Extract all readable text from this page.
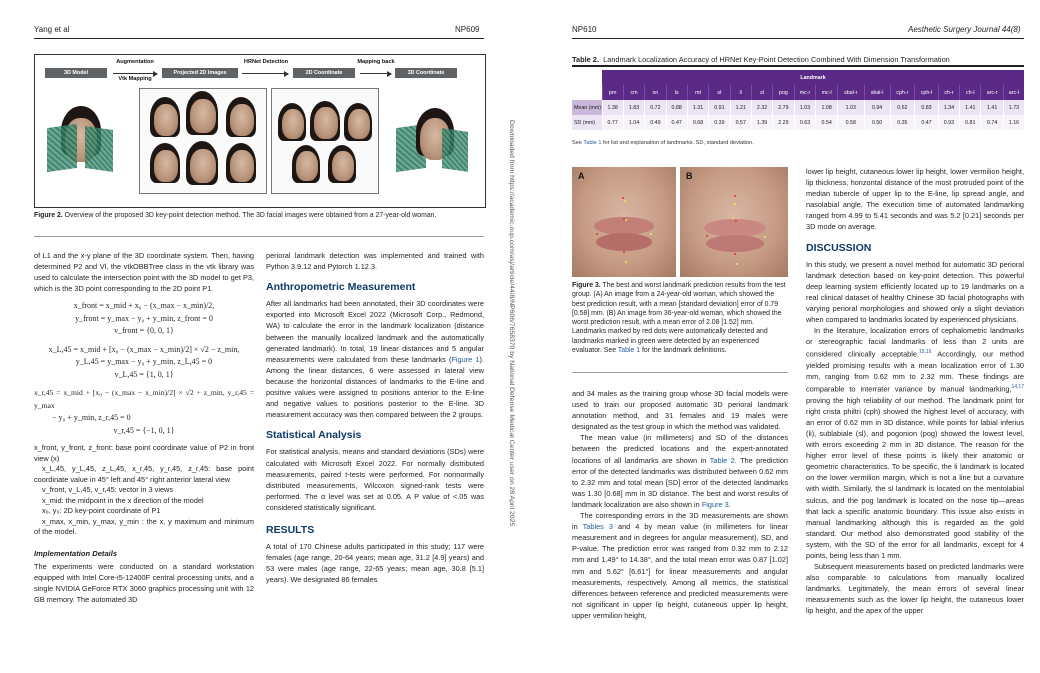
Yang et al	NP609
3D Model	Projected 2D Images	2D Coordinate	3D Coordinate
Augmentation
Vtk Mapping
HRNet Detection	Mapping back
Figure 2. Overview of the proposed 3D key-point detection method. The 3D facial images were obtained from a 27-year-old woman.

of L1 and the x-y plane of the 3D coordinate system. Then, having determined P2 and Vl, the vtkOBBTree class in the vtk library was used to calculate the intersection point with the 3D model to get P3, which is the 3D point corresponding to the 2D point P1.

x_front = x_mid + x₀ − (x_max − x_min)/2,
y_front = y_max − y₀ + y_min, z_front = 0
v_front = {0, 0, 1}
x_L,45 = x_mid + [x₀ − (x_max − x_min)/2] × √2 − z_min,
y_L,45 = y_max − y₀ + y_min, z_L,45 = 0
v_L,45 = {1, 0, 1}
x_r,45 = x_mid + [x₀ − (x_max − x_min)/2] × √2 + z_min, y_r,45 = y_max
− y₀ + y_min, z_r,45 = 0
v_r,45 = {−1, 0, 1}

x_front, y_front, z_front: base point coordinate value of P2 in front view (x)

x_L,45, y_L,45, z_L,45, x_r,45, y_r,45, z_r,45: base point coordinate value in 45° left and 45° right anterior lateral view

v_front, v_L,45, v_r,45: vector in 3 views

x_mid: the midpoint in the x direction of the model

x₀, y₀: 2D key-point coordinate of P1

x_max, x_min, y_max, y_min : the x, y maximum and minimum of the model.

Implementation Details

The experiments were conducted on a standard workstation equipped with Intel Core-i5-12400F central processing units, and a single NVIDIA GeForce RTX 3060 graphics processing unit with 12 GB memory. The automated 3D

perioral landmark detection was implemented and trained with Python 3.9.12 and Pytorch 1.12.3.

Anthropometric Measurement

After all landmarks had been annotated, their 3D coordinates were exported into Microsoft Excel 2022 (Microsoft Corp., Redmond, WA) to calculate the error in the landmark localization (distance between the manually localized landmark and the automatically generated landmark). In total, 19 linear distances and 5 angular measurements were calculated from these landmarks (Figure 1). Among the linear distances, 6 were assessed in lateral view because the horizontal distances of landmarks to the E-line and positive values were assigned to positions anterior to the E-line and negative values to positions posterior to the E-line. 3D measurement accuracy was then compared between the 2 groups.

Statistical Analysis

For statistical analysis, means and standard deviations (SDs) were calculated with Microsoft Excel 2022. For normally distributed measurements, paired t-tests were performed. For nonnormally distributed measurements, Wilcoxon signed-rank tests were performed. The α level was set at 0.05. A P value of <.05 was considered statistically significant.

RESULTS

A total of 170 Chinese adults participated in this study; 117 were females (age range, 20-64 years; mean age, 31.2 [4.9] years) and 53 were males (age range, 22-65 years; mean age, 30.8 [5.1] years). We designated 86 females

Downloaded from https://academic.oup.com/asj/article/44/8/NP606/7658370 by National Defense Medical Center user on 28 April 2025
NP610	Aesthetic Surgery Journal 44(8)
Table 2. Landmark Localization Accuracy of HRNet Key-Point Detection Combined With Dimension Transformation
	Landmark																		
	prn	cm	sn	ls	mt	st	li	sl	pog	mc-r	mc-l	sbal-r	sbal-l	cph-r	cph-l	ch-r	ch-l	arc-r	arc-l
Mean (mm)	1.38	1.83	0.72	0.88	1.31	0.91	1.21	2.32	2.79	1.03	1.08	1.03	0.94	0.62	0.83	1.34	1.41	1.41	1.73
SD (mm)	0.77	1.04	0.49	0.47	0.68	0.39	0.57	1.39	2.29	0.63	0.54	0.58	0.50	0.35	0.47	0.93	0.81	0.74	1.16
See Table 1 for list and explanation of landmarks. SD, standard deviation.
A	B
Figure 3. The best and worst landmark prediction results from the test group. (A) An image from a 24-year-old woman, which showed the best prediction result, with a mean [standard deviation] error of 0.79 [0.58] mm. (B) An image from 36-year-old woman, which showed the worst prediction result, with a mean error of 2.08 [1.52] mm. Landmarks marked by red dots were automatically detected and landmarks marked in green were detected by an experienced evaluator. See Table 1 for the landmark definitions.

and 34 males as the training group whose 3D facial models were used to train our proposed automatic 3D perioral landmark annotation method, and 31 females and 19 males were designated as the test group in which the method was validated.

The mean value (in millimeters) and SD of the distances between the predicted locations and the expert-annotated locations of all landmarks are shown in Table 2. The prediction error of the detected landmarks was distributed between 0.62 mm to 2.32 mm and total mean [SD] error of the detected landmarks was 1.30 [0.68] mm in 3D distance. The best and worst results of landmark localization are also shown in Figure 3.

The corresponding errors in the 3D measurements are shown in Tables 3 and 4 by mean value (in millimeters for linear measurement and in degrees for angular measurement), SD, and P-value. The prediction error was ranged from 0.32 mm to 2.12 mm and 1.49° to 14.38°, and the total mean error was 0.87 [1.02] mm and 5.62° [6.61°] for linear measurements and angular measurements, respectively. Among all metrics, the statistical differences between reference and predicted measurements were not significant in upper lip height, cutaneous upper lip height, upper vermilion height,

lower lip height, cutaneous lower lip height, lower vermilion height, lip thickness, horizontal distance of the most protruded point of the median tubercle of upper lip to the E-line, lip spread angle, and nasolabial angle. The execution time of automated landmarking ranged from 4.99 to 5.41 seconds and was 5.2 [0.21] seconds per 3D mode on average.

DISCUSSION

In this study, we present a novel method for automatic 3D perioral landmark detection based on key-point detection. This powerful deep learning system efficiently located up to 19 landmarks on a real clinical dataset of healthy Chinese 3D facial photographs with varying perioral morphologies and showed only a slight deviation when compared to landmarks located by experienced physicians.

In the literature, localization errors of cephalometric landmarks or stereographic facial landmarks of less than 2 units are considered clinically acceptable.$^{15,16}$ Accordingly, our method yielded promising results with a mean localization error of 1.30 mm, ranging from 0.62 mm to 2.32 mm. These findings are comparable to interrater variance by manual landmarking,$^{14,17}$ proving the high reliability of our method. The landmark point for right crista philtri (cph) showed the highest level of accuracy, with an error of 0.62 mm in 3D distance, while points for labial inferius (li), sublabiale (sl), and pogonion (pog) showed the lowest level, with errors exceeding 2 mm in 3D distance. The reason for the higher error level of these points is likely their anatomic or geometric characteristics. To be specific, the li landmark is located on the lower vermilion margin, which is not a line but a curvature with width. Similarly, the sl landmark is located on the mentolabial sulcus, and the pog landmark is located on the nose tip—areas that lack a specific anatomic boundary. This issue also exists in manual landmarking although this is regarded as the gold standard. Our method also demonstrated good stability of the system, with the SD of the error for all landmarks, except for 4 points, being less than 1 mm.

Subsequent measurements based on predicted landmarks were also comparable to calculations from manually localized landmarks. Legitimately, the mean errors of several linear measurements such as the lower lip height, the cutaneous lower lip height, and the apex of the upper
